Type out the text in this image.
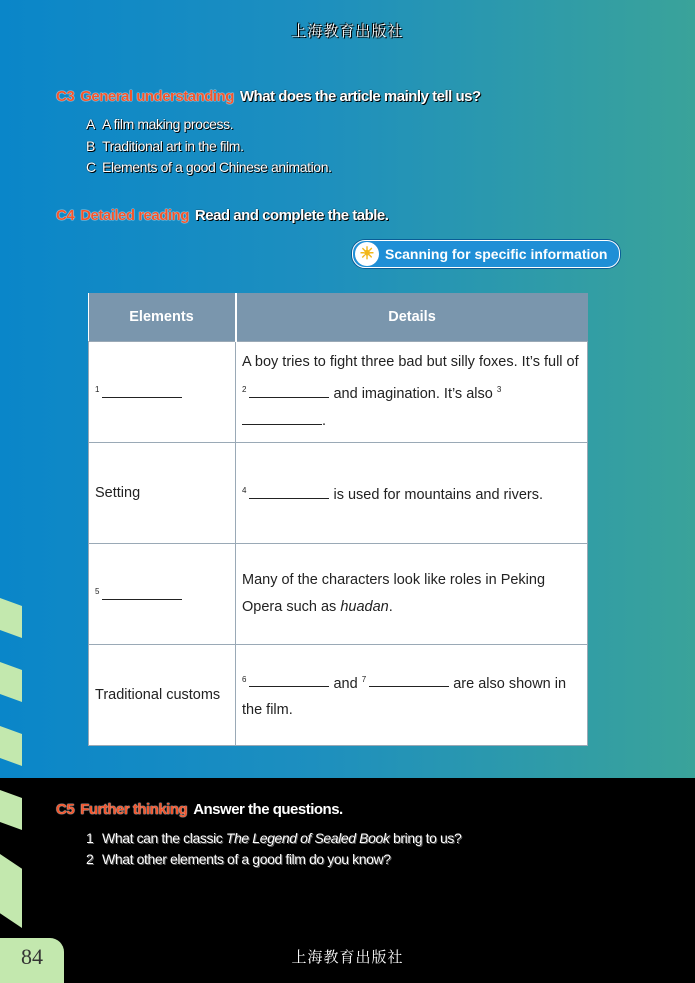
上海教育出版社
C3 General understanding What does the article mainly tell us?
A A film making process.
B Traditional art in the film.
C Elements of a good Chinese animation.
C4 Detailed reading Read and complete the table.
☀ Scanning for specific information
Elements	Details
$^1$	A boy tries to fight three bad but silly foxes. It’s full of
$^2$ and imagination. It’s also $^3$.
Setting	$^4$ is used for mountains and rivers.
$^5$	Many of the characters look like roles in Peking
Opera such as huadan.
Traditional customs	$^6$ and $^7$ are also shown in
the film.
C5 Further thinking Answer the questions.
1 What can the classic The Legend of Sealed Book bring to us?
2 What other elements of a good film do you know?
84	上海教育出版社
